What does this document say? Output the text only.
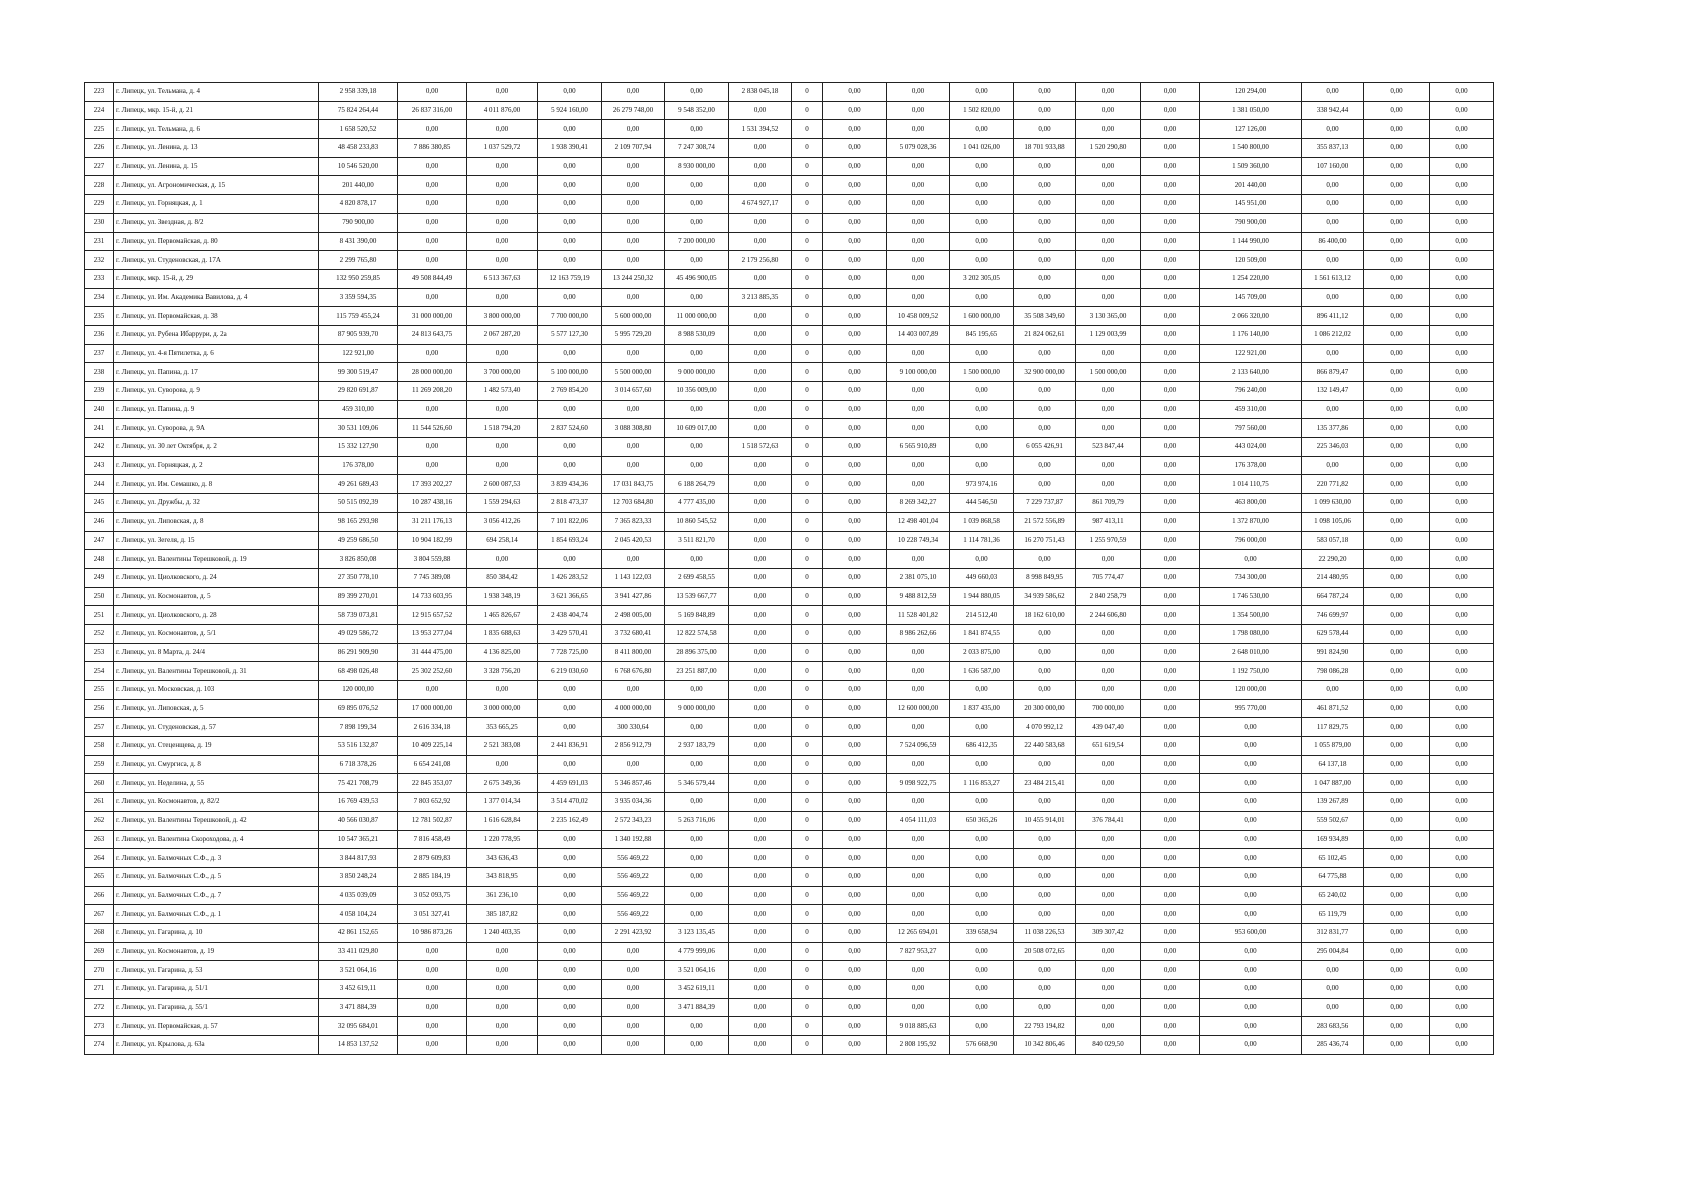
223	г. Липецк, ул. Тельмана, д. 4	2 958 339,18	0,00	0,00	0,00	0,00	0,00	2 838 045,18	0	0,00	0,00	0,00	0,00	0,00	0,00	120 294,00	0,00	0,00	0,00
224	г. Липецк, мкр. 15-й, д. 21	75 824 264,44	26 837 316,00	4 011 876,00	5 924 160,00	26 279 748,00	9 548 352,00	0,00	0	0,00	0,00	1 502 820,00	0,00	0,00	0,00	1 381 050,00	338 942,44	0,00	0,00
225	г. Липецк, ул. Тельмана, д. 6	1 658 520,52	0,00	0,00	0,00	0,00	0,00	1 531 394,52	0	0,00	0,00	0,00	0,00	0,00	0,00	127 126,00	0,00	0,00	0,00
226	г. Липецк, ул. Ленина, д. 13	48 458 233,83	7 886 380,85	1 037 529,72	1 938 390,41	2 109 707,94	7 247 308,74	0,00	0	0,00	5 079 028,36	1 041 026,00	18 701 933,88	1 520 290,80	0,00	1 540 800,00	355 837,13	0,00	0,00
227	г. Липецк, ул. Ленина, д. 15	10 546 520,00	0,00	0,00	0,00	0,00	8 930 000,00	0,00	0	0,00	0,00	0,00	0,00	0,00	0,00	1 509 360,00	107 160,00	0,00	0,00
228	г. Липецк, ул. Агрономическая, д. 15	201 440,00	0,00	0,00	0,00	0,00	0,00	0,00	0	0,00	0,00	0,00	0,00	0,00	0,00	201 440,00	0,00	0,00	0,00
229	г. Липецк, ул. Горняцкая, д. 1	4 820 878,17	0,00	0,00	0,00	0,00	0,00	4 674 927,17	0	0,00	0,00	0,00	0,00	0,00	0,00	145 951,00	0,00	0,00	0,00
230	г. Липецк, ул. Звездная, д. 8/2	790 900,00	0,00	0,00	0,00	0,00	0,00	0,00	0	0,00	0,00	0,00	0,00	0,00	0,00	790 900,00	0,00	0,00	0,00
231	г. Липецк, ул. Первомайская, д. 80	8 431 390,00	0,00	0,00	0,00	0,00	7 200 000,00	0,00	0	0,00	0,00	0,00	0,00	0,00	0,00	1 144 990,00	86 400,00	0,00	0,00
232	г. Липецк, ул. Студеновская, д. 17А	2 299 765,80	0,00	0,00	0,00	0,00	0,00	2 179 256,80	0	0,00	0,00	0,00	0,00	0,00	0,00	120 509,00	0,00	0,00	0,00
233	г. Липецк, мкр. 15-й, д. 29	132 950 259,85	49 508 844,49	6 513 367,63	12 163 759,19	13 244 250,32	45 496 900,05	0,00	0	0,00	0,00	3 202 305,05	0,00	0,00	0,00	1 254 220,00	1 561 613,12	0,00	0,00
234	г. Липецк, ул. Им. Академика Вавилова, д. 4	3 359 594,35	0,00	0,00	0,00	0,00	0,00	3 213 885,35	0	0,00	0,00	0,00	0,00	0,00	0,00	145 709,00	0,00	0,00	0,00
235	г. Липецк, ул. Первомайская, д. 38	115 759 455,24	31 000 000,00	3 800 000,00	7 700 000,00	5 600 000,00	11 000 000,00	0,00	0	0,00	10 458 009,52	1 600 000,00	35 508 349,60	3 130 365,00	0,00	2 066 320,00	896 411,12	0,00	0,00
236	г. Липецк, ул. Рубена Ибаррури, д. 2а	87 905 939,70	24 813 643,75	2 067 287,20	5 577 127,30	5 995 729,20	8 988 530,09	0,00	0	0,00	14 403 007,89	845 195,65	21 824 062,61	1 129 003,99	0,00	1 176 140,00	1 086 212,02	0,00	0,00
237	г. Липецк, ул. 4-я Пятилетка, д. 6	122 921,00	0,00	0,00	0,00	0,00	0,00	0,00	0	0,00	0,00	0,00	0,00	0,00	0,00	122 921,00	0,00	0,00	0,00
238	г. Липецк, ул. Папина, д. 17	99 300 519,47	28 000 000,00	3 700 000,00	5 100 000,00	5 500 000,00	9 000 000,00	0,00	0	0,00	9 100 000,00	1 500 000,00	32 900 000,00	1 500 000,00	0,00	2 133 640,00	866 879,47	0,00	0,00
239	г. Липецк, ул. Суворова, д. 9	29 820 691,87	11 269 208,20	1 482 573,40	2 769 854,20	3 014 657,60	10 356 009,00	0,00	0	0,00	0,00	0,00	0,00	0,00	0,00	796 240,00	132 149,47	0,00	0,00
240	г. Липецк, ул. Папина, д. 9	459 310,00	0,00	0,00	0,00	0,00	0,00	0,00	0	0,00	0,00	0,00	0,00	0,00	0,00	459 310,00	0,00	0,00	0,00
241	г. Липецк, ул. Суворова, д. 9А	30 531 109,06	11 544 526,60	1 518 794,20	2 837 524,60	3 088 308,80	10 609 017,00	0,00	0	0,00	0,00	0,00	0,00	0,00	0,00	797 560,00	135 377,86	0,00	0,00
242	г. Липецк, ул. 30 лет Октября, д. 2	15 332 127,90	0,00	0,00	0,00	0,00	0,00	1 518 572,63	0	0,00	6 565 910,89	0,00	6 055 426,91	523 847,44	0,00	443 024,00	225 346,03	0,00	0,00
243	г. Липецк, ул. Горняцкая, д. 2	176 378,00	0,00	0,00	0,00	0,00	0,00	0,00	0	0,00	0,00	0,00	0,00	0,00	0,00	176 378,00	0,00	0,00	0,00
244	г. Липецк, ул. Им. Семашко, д. 8	49 261 689,43	17 393 202,27	2 600 087,53	3 839 434,36	17 031 843,75	6 188 264,79	0,00	0	0,00	0,00	973 974,16	0,00	0,00	0,00	1 014 110,75	220 771,82	0,00	0,00
245	г. Липецк, ул. Дружбы, д. 32	50 515 092,39	10 287 438,16	1 559 294,63	2 818 473,37	12 703 684,80	4 777 435,00	0,00	0	0,00	8 269 342,27	444 546,50	7 229 737,87	861 709,79	0,00	463 800,00	1 099 630,00	0,00	0,00
246	г. Липецк, ул. Липовская, д. 8	98 165 293,98	31 211 176,13	3 056 412,26	7 101 822,06	7 365 823,33	10 860 545,52	0,00	0	0,00	12 498 401,04	1 039 868,58	21 572 556,89	987 413,11	0,00	1 372 870,00	1 098 105,06	0,00	0,00
247	г. Липецк, ул. Зегеля, д. 15	49 259 686,50	10 904 182,99	694 258,14	1 854 693,24	2 045 420,53	3 511 821,70	0,00	0	0,00	10 228 749,34	1 114 781,36	16 270 751,43	1 255 970,59	0,00	796 000,00	583 057,18	0,00	0,00
248	г. Липецк, ул. Валентины Терешковой, д. 19	3 826 850,08	3 804 559,88	0,00	0,00	0,00	0,00	0,00	0	0,00	0,00	0,00	0,00	0,00	0,00	0,00	22 290,20	0,00	0,00
249	г. Липецк, ул. Циолковского, д. 24	27 350 778,10	7 745 389,08	850 384,42	1 426 283,52	1 143 122,03	2 699 458,55	0,00	0	0,00	2 381 075,10	449 660,03	8 998 849,95	705 774,47	0,00	734 300,00	214 480,95	0,00	0,00
250	г. Липецк, ул. Космонавтов, д. 5	89 399 270,01	14 733 603,95	1 938 348,19	3 621 366,65	3 941 427,86	13 539 667,77	0,00	0	0,00	9 488 812,59	1 944 880,05	34 939 586,62	2 840 258,79	0,00	1 746 530,00	664 787,24	0,00	0,00
251	г. Липецк, ул. Циолковского, д. 28	58 739 073,81	12 915 657,52	1 465 826,67	2 438 404,74	2 498 005,00	5 169 848,89	0,00	0	0,00	11 528 401,82	214 512,40	18 162 610,00	2 244 606,80	0,00	1 354 500,00	746 699,97	0,00	0,00
252	г. Липецк, ул. Космонавтов, д. 5/1	49 029 586,72	13 953 277,04	1 835 688,63	3 429 570,41	3 732 680,41	12 822 574,58	0,00	0	0,00	8 986 262,66	1 841 874,55	0,00	0,00	0,00	1 798 080,00	629 578,44	0,00	0,00
253	г. Липецк, ул. 8 Марта, д. 24/4	86 291 909,90	31 444 475,00	4 136 825,00	7 728 725,00	8 411 800,00	28 896 375,00	0,00	0	0,00	0,00	2 033 875,00	0,00	0,00	0,00	2 648 010,00	991 824,90	0,00	0,00
254	г. Липецк, ул. Валентины Терешковой, д. 31	68 498 026,48	25 302 252,60	3 328 756,20	6 219 030,60	6 768 676,80	23 251 887,00	0,00	0	0,00	0,00	1 636 587,00	0,00	0,00	0,00	1 192 750,00	798 086,28	0,00	0,00
255	г. Липецк, ул. Московская, д. 103	120 000,00	0,00	0,00	0,00	0,00	0,00	0,00	0	0,00	0,00	0,00	0,00	0,00	0,00	120 000,00	0,00	0,00	0,00
256	г. Липецк, ул. Липовская, д. 5	69 895 076,52	17 000 000,00	3 000 000,00	0,00	4 000 000,00	9 000 000,00	0,00	0	0,00	12 600 000,00	1 837 435,00	20 300 000,00	700 000,00	0,00	995 770,00	461 871,52	0,00	0,00
257	г. Липецк, ул. Студеновская, д. 57	7 898 199,34	2 616 334,18	353 665,25	0,00	300 330,64	0,00	0,00	0	0,00	0,00	0,00	4 070 992,12	439 047,40	0,00	0,00	117 829,75	0,00	0,00
258	г. Липецк, ул. Стеценщева, д. 19	53 516 132,87	10 409 225,14	2 521 383,08	2 441 836,91	2 856 912,79	2 937 183,79	0,00	0	0,00	7 524 096,59	686 412,35	22 440 583,68	651 619,54	0,00	0,00	1 055 879,00	0,00	0,00
259	г. Липецк, ул. Смургиса, д. 8	6 718 378,26	6 654 241,08	0,00	0,00	0,00	0,00	0,00	0	0,00	0,00	0,00	0,00	0,00	0,00	0,00	64 137,18	0,00	0,00
260	г. Липецк, ул. Неделина, д. 55	75 421 708,79	22 845 353,07	2 675 349,36	4 459 691,03	5 346 857,46	5 346 579,44	0,00	0	0,00	9 098 922,75	1 116 853,27	23 484 215,41	0,00	0,00	0,00	1 047 887,00	0,00	0,00
261	г. Липецк, ул. Космонавтов, д. 82/2	16 769 439,53	7 803 652,92	1 377 014,34	3 514 470,02	3 935 034,36	0,00	0,00	0	0,00	0,00	0,00	0,00	0,00	0,00	0,00	139 267,89	0,00	0,00
262	г. Липецк, ул. Валентины Терешковой, д. 42	40 566 030,87	12 781 502,87	1 616 628,84	2 235 162,49	2 572 343,23	5 263 716,06	0,00	0	0,00	4 054 111,03	650 365,26	10 455 914,01	376 784,41	0,00	0,00	559 502,67	0,00	0,00
263	г. Липецк, ул. Валентина Скороходова, д. 4	10 547 365,21	7 816 458,49	1 220 778,95	0,00	1 340 192,88	0,00	0,00	0	0,00	0,00	0,00	0,00	0,00	0,00	0,00	169 934,89	0,00	0,00
264	г. Липецк, ул. Балмочных С.Ф., д. 3	3 844 817,93	2 879 609,83	343 636,43	0,00	556 469,22	0,00	0,00	0	0,00	0,00	0,00	0,00	0,00	0,00	0,00	65 102,45	0,00	0,00
265	г. Липецк, ул. Балмочных С.Ф., д. 5	3 850 248,24	2 885 184,19	343 818,95	0,00	556 469,22	0,00	0,00	0	0,00	0,00	0,00	0,00	0,00	0,00	0,00	64 775,88	0,00	0,00
266	г. Липецк, ул. Балмочных С.Ф., д. 7	4 035 039,09	3 052 093,75	361 236,10	0,00	556 469,22	0,00	0,00	0	0,00	0,00	0,00	0,00	0,00	0,00	0,00	65 240,02	0,00	0,00
267	г. Липецк, ул. Балмочных С.Ф., д. 1	4 058 104,24	3 051 327,41	385 187,82	0,00	556 469,22	0,00	0,00	0	0,00	0,00	0,00	0,00	0,00	0,00	0,00	65 119,79	0,00	0,00
268	г. Липецк, ул. Гагарина, д. 10	42 861 152,65	10 986 873,26	1 240 403,35	0,00	2 291 423,92	3 123 135,45	0,00	0	0,00	12 265 694,01	339 658,94	11 038 226,53	309 307,42	0,00	953 600,00	312 831,77	0,00	0,00
269	г. Липецк, ул. Космонавтов, д. 19	33 411 029,80	0,00	0,00	0,00	0,00	4 779 999,06	0,00	0	0,00	7 827 953,27	0,00	20 508 072,65	0,00	0,00	0,00	295 004,84	0,00	0,00
270	г. Липецк, ул. Гагарина, д. 53	3 521 064,16	0,00	0,00	0,00	0,00	3 521 064,16	0,00	0	0,00	0,00	0,00	0,00	0,00	0,00	0,00	0,00	0,00	0,00
271	г. Липецк, ул. Гагарина, д. 51/1	3 452 619,11	0,00	0,00	0,00	0,00	3 452 619,11	0,00	0	0,00	0,00	0,00	0,00	0,00	0,00	0,00	0,00	0,00	0,00
272	г. Липецк, ул. Гагарина, д. 55/1	3 471 884,39	0,00	0,00	0,00	0,00	3 471 884,39	0,00	0	0,00	0,00	0,00	0,00	0,00	0,00	0,00	0,00	0,00	0,00
273	г. Липецк, ул. Первомайская, д. 57	32 095 684,01	0,00	0,00	0,00	0,00	0,00	0,00	0	0,00	9 018 885,63	0,00	22 793 194,82	0,00	0,00	0,00	283 683,56	0,00	0,00
274	г. Липецк, ул. Крылова, д. 63а	14 853 137,52	0,00	0,00	0,00	0,00	0,00	0,00	0	0,00	2 808 195,92	576 668,90	10 342 806,46	840 029,50	0,00	0,00	285 436,74	0,00	0,00
